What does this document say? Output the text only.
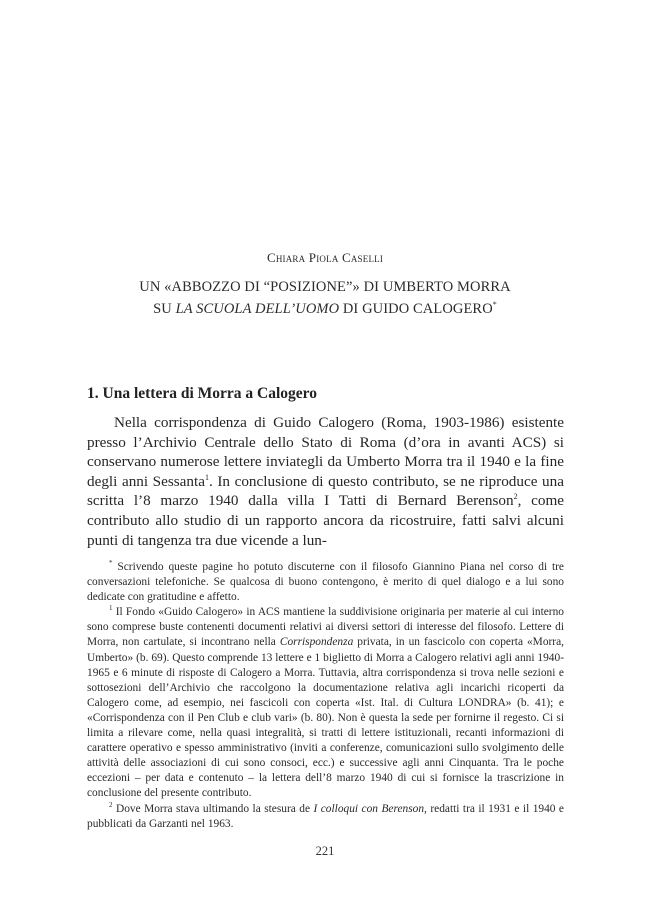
Chiara Piola Caselli
UN «ABBOZZO DI “POSIZIONE”» DI UMBERTO MORRA
SU LA SCUOLA DELL’UOMO DI GUIDO CALOGERO*
1. Una lettera di Morra a Calogero

Nella corrispondenza di Guido Calogero (Roma, 1903-1986) esistente presso l’Archivio Centrale dello Stato di Roma (d’ora in avanti ACS) si conservano numerose lettere inviategli da Umberto Morra tra il 1940 e la fine degli anni Sessanta$^1$. In conclusione di questo contributo, se ne riproduce una scritta l’8 marzo 1940 dalla villa I Tatti di Bernard Berenson$^2$, come contributo allo studio di un rapporto ancora da ricostruire, fatti salvi alcuni punti di tangenza tra due vicende a lun-

* Scrivendo queste pagine ho potuto discuterne con il filosofo Giannino Piana nel corso di tre conversazioni telefoniche. Se qualcosa di buono contengono, è merito di quel dialogo e a lui sono dedicate con gratitudine e affetto.

$^1$ Il Fondo «Guido Calogero» in ACS mantiene la suddivisione originaria per materie al cui interno sono comprese buste contenenti documenti relativi ai diversi settori di interesse del filosofo. Lettere di Morra, non cartulate, si incontrano nella Corrispondenza privata, in un fascicolo con coperta «Morra, Umberto» (b. 69). Questo comprende 13 lettere e 1 biglietto di Morra a Calogero relativi agli anni 1940-1965 e 6 minute di risposte di Calogero a Morra. Tuttavia, altra corrispondenza si trova nelle sezioni e sottosezioni dell’Archivio che raccolgono la documentazione relativa agli incarichi ricoperti da Calogero come, ad esempio, nei fascicoli con coperta «Ist. Ital. di Cultura LONDRA» (b. 41); e «Corrispondenza con il Pen Club e club vari» (b. 80). Non è questa la sede per fornirne il regesto. Ci si limita a rilevare come, nella quasi integralità, si tratti di lettere istituzionali, recanti informazioni di carattere operativo e spesso amministrativo (inviti a conferenze, comunicazioni sullo svolgimento delle attività delle associazioni di cui sono consoci, ecc.) e successive agli anni Cinquanta. Tra le poche eccezioni – per data e contenuto – la lettera dell’8 marzo 1940 di cui si fornisce la trascrizione in conclusione del presente contributo.

$^2$ Dove Morra stava ultimando la stesura de I colloqui con Berenson, redatti tra il 1931 e il 1940 e pubblicati da Garzanti nel 1963.

221
